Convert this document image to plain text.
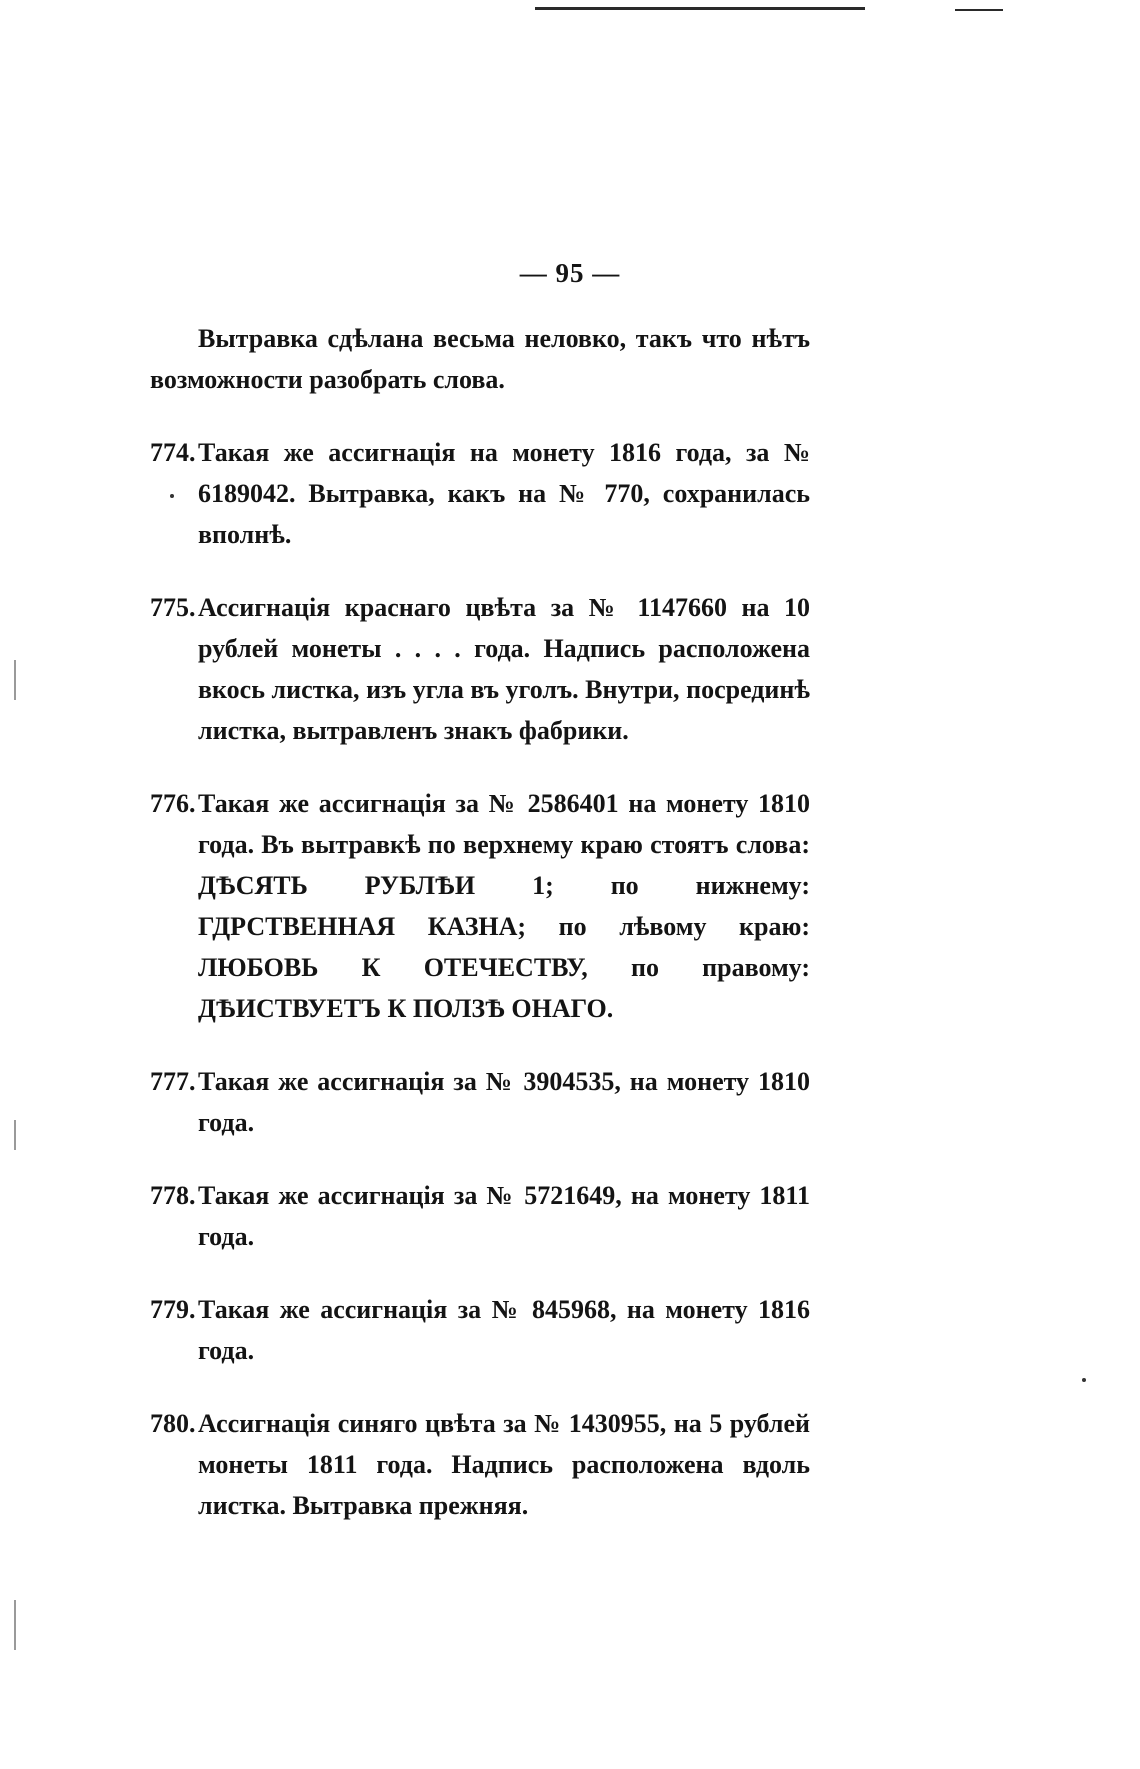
— 95 —

Вытравка сдѣлана весьма неловко, такъ что нѣтъ возможности разобрать слова.

774. Такая же ассигнація на монету 1816 года, за № 6189042. Вытравка, какъ на № 770, сохранилась вполнѣ.
775. Ассигнація краснаго цвѣта за № 1147660 на 10 рублей монеты . . . . года. Надпись расположена вкось листка, изъ угла въ уголъ. Внутри, посрединѣ листка, вытравленъ знакъ фабрики.
776. Такая же ассигнація за № 2586401 на монету 1810 года. Въ вытравкѣ по верхнему краю стоятъ слова: ДѢСЯТЬ РУБЛѢИ 1; по нижнему: ГДРСТВЕННАЯ КАЗНА; по лѣвому краю: ЛЮБОВЬ К ОТЕЧЕСТВУ, по правому: ДѢИСТВУЕТЪ К ПОЛЗѢ ОНАГО.
777. Такая же ассигнація за № 3904535, на монету 1810 года.
778. Такая же ассигнація за № 5721649, на монету 1811 года.
779. Такая же ассигнація за № 845968, на монету 1816 года.
780. Ассигнація синяго цвѣта за № 1430955, на 5 рублей монеты 1811 года. Надпись расположена вдоль листка. Вытравка прежняя.
